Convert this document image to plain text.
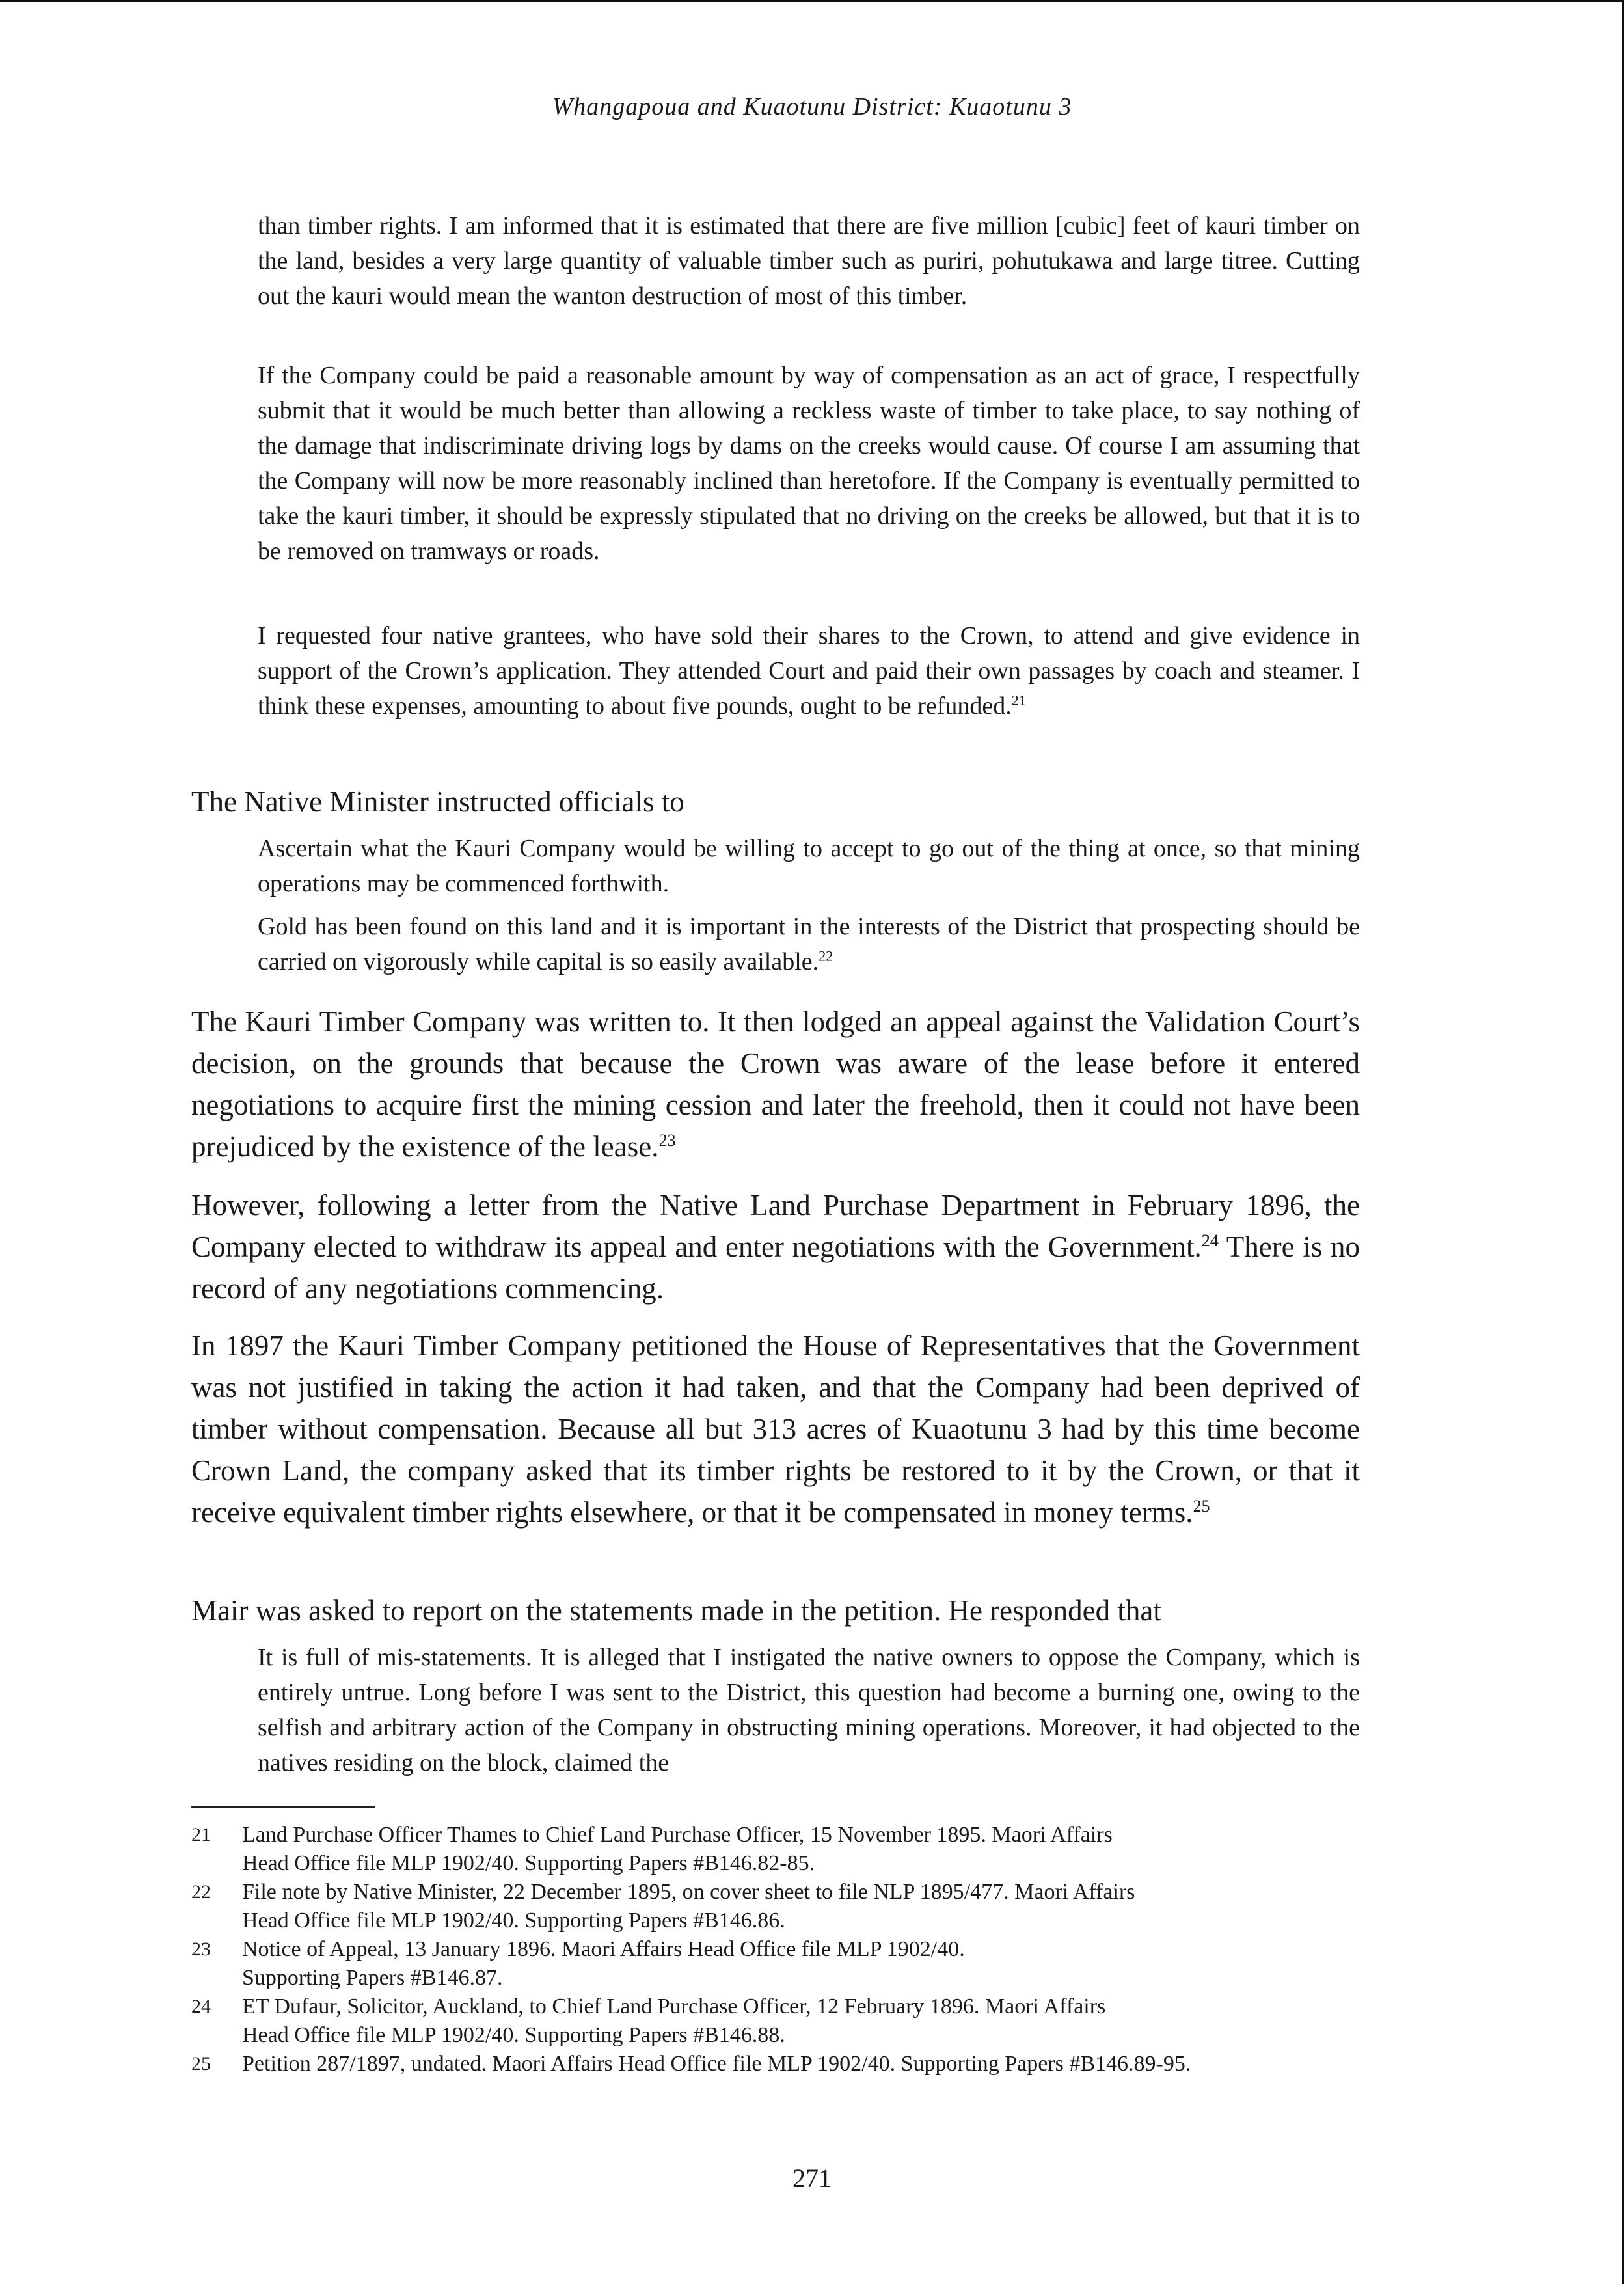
Whangapoua and Kuaotunu District: Kuaotunu 3

than timber rights. I am informed that it is estimated that there are five million [cubic] feet of kauri timber on the land, besides a very large quantity of valuable timber such as puriri, pohutukawa and large titree. Cutting out the kauri would mean the wanton destruction of most of this timber.

If the Company could be paid a reasonable amount by way of compensation as an act of grace, I respectfully submit that it would be much better than allowing a reckless waste of timber to take place, to say nothing of the damage that indiscriminate driving logs by dams on the creeks would cause. Of course I am assuming that the Company will now be more reasonably inclined than heretofore. If the Company is eventually permitted to take the kauri timber, it should be expressly stipulated that no driving on the creeks be allowed, but that it is to be removed on tramways or roads.

I requested four native grantees, who have sold their shares to the Crown, to attend and give evidence in support of the Crown’s application. They attended Court and paid their own passages by coach and steamer. I think these expenses, amounting to about five pounds, ought to be refunded.$^{21}$

The Native Minister instructed officials to

Ascertain what the Kauri Company would be willing to accept to go out of the thing at once, so that mining operations may be commenced forthwith.

Gold has been found on this land and it is important in the interests of the District that prospecting should be carried on vigorously while capital is so easily available.$^{22}$

The Kauri Timber Company was written to. It then lodged an appeal against the Validation Court’s decision, on the grounds that because the Crown was aware of the lease before it entered negotiations to acquire first the mining cession and later the freehold, then it could not have been prejudiced by the existence of the lease.$^{23}$

However, following a letter from the Native Land Purchase Department in February 1896, the Company elected to withdraw its appeal and enter negotiations with the Government.$^{24}$ There is no record of any negotiations commencing.

In 1897 the Kauri Timber Company petitioned the House of Representatives that the Government was not justified in taking the action it had taken, and that the Company had been deprived of timber without compensation. Because all but 313 acres of Kuaotunu 3 had by this time become Crown Land, the company asked that its timber rights be restored to it by the Crown, or that it receive equivalent timber rights elsewhere, or that it be compensated in money terms.$^{25}$

Mair was asked to report on the statements made in the petition. He responded that

It is full of mis-statements. It is alleged that I instigated the native owners to oppose the Company, which is entirely untrue. Long before I was sent to the District, this question had become a burning one, owing to the selfish and arbitrary action of the Company in obstructing mining operations. Moreover, it had objected to the natives residing on the block, claimed the

21	Land Purchase Officer Thames to Chief Land Purchase Officer, 15 November 1895. Maori Affairs
Head Office file MLP 1902/40. Supporting Papers #B146.82-85.
22	File note by Native Minister, 22 December 1895, on cover sheet to file NLP 1895/477. Maori Affairs
Head Office file MLP 1902/40. Supporting Papers #B146.86.
23	Notice of Appeal, 13 January 1896. Maori Affairs Head Office file MLP 1902/40.
Supporting Papers #B146.87.
24	ET Dufaur, Solicitor, Auckland, to Chief Land Purchase Officer, 12 February 1896. Maori Affairs
Head Office file MLP 1902/40. Supporting Papers #B146.88.
25	Petition 287/1897, undated. Maori Affairs Head Office file MLP 1902/40. Supporting Papers #B146.89-95.
271
